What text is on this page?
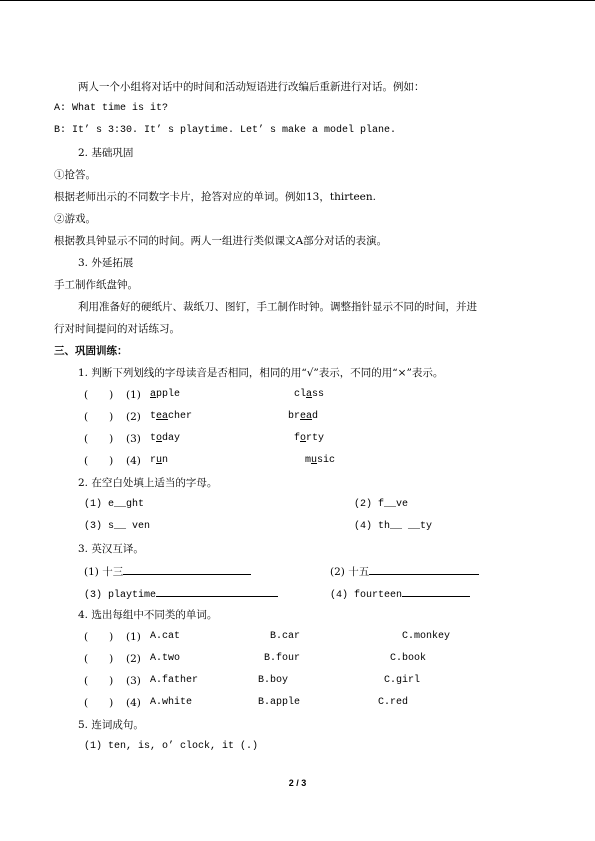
两人一个小组将对话中的时间和活动短语进行改编后重新进行对话。例如：
A: What time is it?
B: It’ s 3:30. It’ s playtime. Let’ s make a model plane.
2. 基础巩固
①抢答。
根据老师出示的不同数字卡片，抢答对应的单词。例如13，thirteen.
②游戏。
根据教具钟显示不同的时间。两人一组进行类似课文A部分对话的表演。
3. 外延拓展
手工制作纸盘钟。
利用准备好的硬纸片、裁纸刀、图钉，手工制作时钟。调整指针显示不同的时间，并进
行对时间提问的对话练习。
三、巩固训练：
1. 判断下列划线的字母读音是否相同，相同的用“√”表示，不同的用“×”表示。
(　　) (1) apple	class
(　　) (2) teacher	bread
(　　) (3) today	forty
(　　) (4) run	music
2. 在空白处填上适当的字母。
(1) e__ght	(2) f__ve
(3) s__ ven	(4) th__ __ty
3. 英汉互译。
(1) 十三	(2) 十五
(3) playtime	(4) fourteen
4. 选出每组中不同类的单词。
(　　) (1) A.cat	B.car	C.monkey
(　　) (2) A.two	B.four	C.book
(　　) (3) A.father	B.boy	C.girl
(　　) (4) A.white	B.apple	C.red
5. 连词成句。
(1) ten, is, o’ clock, it (.)
2 / 3
